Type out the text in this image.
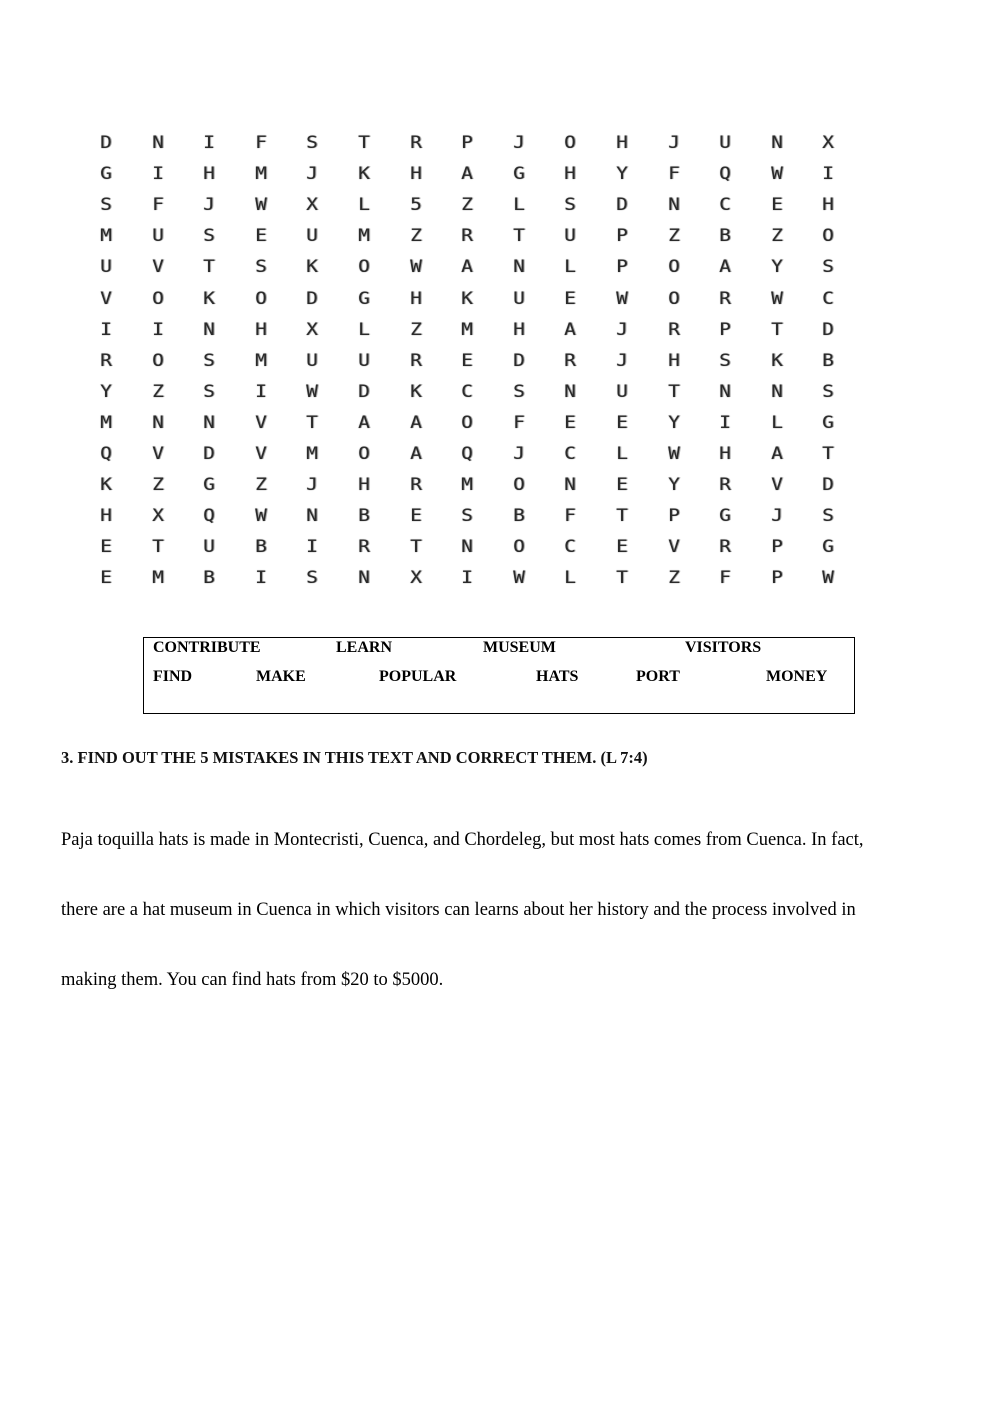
D	N	I	F	S	T	R	P	J	O	H	J	U	N	X
G	I	H	M	J	K	H	A	G	H	Y	F	Q	W	I
S	F	J	W	X	L	5	Z	L	S	D	N	C	E	H
M	U	S	E	U	M	Z	R	T	U	P	Z	B	Z	O
U	V	T	S	K	O	W	A	N	L	P	O	A	Y	S
V	O	K	O	D	G	H	K	U	E	W	O	R	W	C
I	I	N	H	X	L	Z	M	H	A	J	R	P	T	D
R	O	S	M	U	U	R	E	D	R	J	H	S	K	B
Y	Z	S	I	W	D	K	C	S	N	U	T	N	N	S
M	N	N	V	T	A	A	O	F	E	E	Y	I	L	G
Q	V	D	V	M	O	A	Q	J	C	L	W	H	A	T
K	Z	G	Z	J	H	R	M	O	N	E	Y	R	V	D
H	X	Q	W	N	B	E	S	B	F	T	P	G	J	S
E	T	U	B	I	R	T	N	O	C	E	V	R	P	G
E	M	B	I	S	N	X	I	W	L	T	Z	F	P	W
CONTRIBUTE	LEARN	MUSEUM	VISITORS
FIND	MAKE	POPULAR	HATS	PORT	MONEY
3. FIND OUT THE 5 MISTAKES IN THIS TEXT AND CORRECT THEM. (L 7:4)
Paja toquilla hats is made in Montecristi, Cuenca, and Chordeleg, but most hats comes from Cuenca. In fact,
there are a hat museum in Cuenca in which visitors can learns about her history and the process involved in
making them. You can find hats from $20 to $5000.
